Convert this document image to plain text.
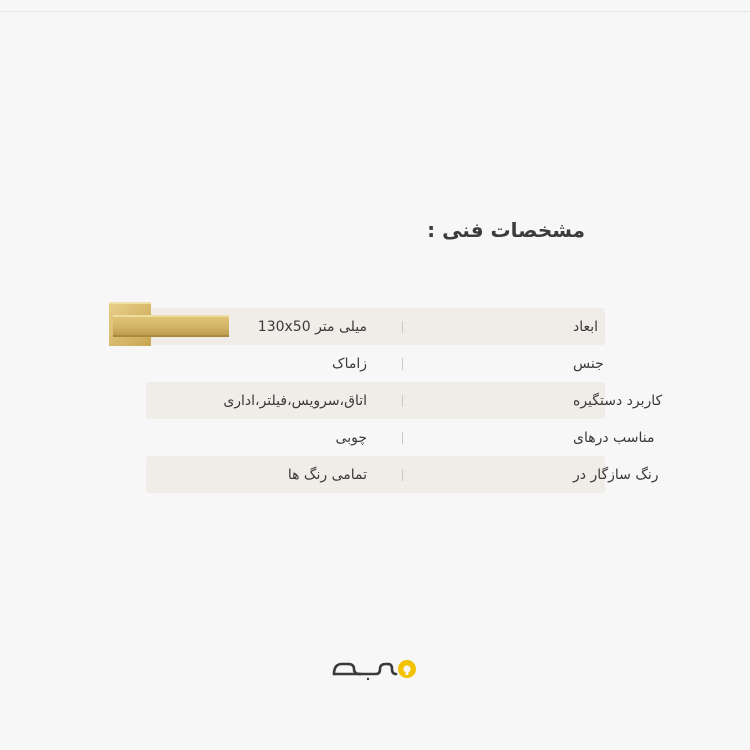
مشخصات فنی :
ابعاد
130x50 میلی متر
جنس
زاماک
کاربرد دستگیره
اتاق،سرویس،فیلتر،اداری
مناسب درهای
چوبی
رنگ سازگار در
تمامی رنگ ها
